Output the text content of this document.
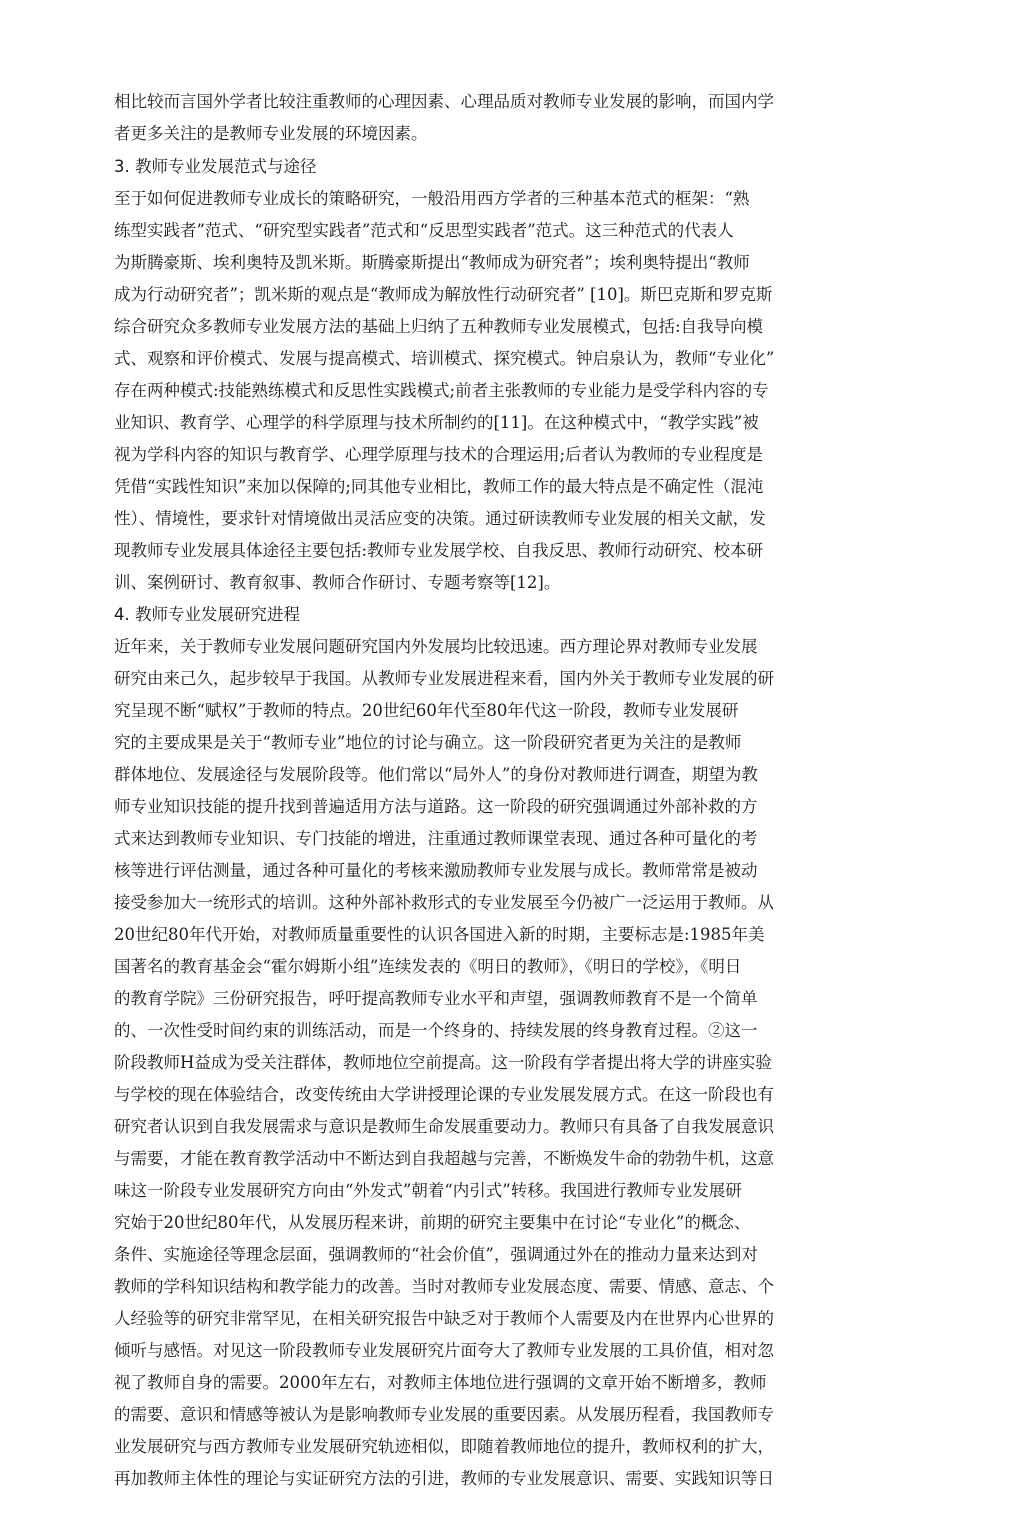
相比较而言国外学者比较注重教师的心理因素、心理品质对教师专业发展的影响，而国内学
者更多关注的是教师专业发展的环境因素。
3. 教师专业发展范式与途径
至于如何促进教师专业成长的策略研究，一般沿用西方学者的三种基本范式的框架：“熟
练型实践者”范式、“研究型实践者”范式和“反思型实践者”范式。这三种范式的代表人
为斯腾豪斯、埃利奥特及凯米斯。斯腾豪斯提出“教师成为研究者”；埃利奥特提出“教师
成为行动研究者”；凯米斯的观点是“教师成为解放性行动研究者” [10]。斯巴克斯和罗克斯
综合研究众多教师专业发展方法的基础上归纳了五种教师专业发展模式，包括:自我导向模
式、观察和评价模式、发展与提高模式、培训模式、探究模式。钟启泉认为，教师“专业化”
存在两种模式:技能熟练模式和反思性实践模式;前者主张教师的专业能力是受学科内容的专
业知识、教育学、心理学的科学原理与技术所制约的[11]。在这种模式中，“教学实践”被
视为学科内容的知识与教育学、心理学原理与技术的合理运用;后者认为教师的专业程度是
凭借“实践性知识”来加以保障的;同其他专业相比，教师工作的最大特点是不确定性（混沌
性）、情境性，要求针对情境做出灵活应变的决策。通过研读教师专业发展的相关文献，发
现教师专业发展具体途径主要包括:教师专业发展学校、自我反思、教师行动研究、校本研
训、案例研讨、教育叙事、教师合作研讨、专题考察等[12]。
4. 教师专业发展研究进程
近年来，关于教师专业发展问题研究国内外发展均比较迅速。西方理论界对教师专业发展
研究由来己久，起步较早于我国。从教师专业发展进程来看，国内外关于教师专业发展的研
究呈现不断“赋权”于教师的特点。20世纪60年代至80年代这一阶段，教师专业发展研
究的主要成果是关于“教师专业”地位的讨论与确立。这一阶段研究者更为关注的是教师
群体地位、发展途径与发展阶段等。他们常以“局外人”的身份对教师进行调查，期望为教
师专业知识技能的提升找到普遍适用方法与道路。这一阶段的研究强调通过外部补救的方
式来达到教师专业知识、专门技能的增进，注重通过教师课堂表现、通过各种可量化的考
核等进行评估测量，通过各种可量化的考核来激励教师专业发展与成长。教师常常是被动
接受参加大一统形式的培训。这种外部补救形式的专业发展至今仍被广一泛运用于教师。从
20世纪80年代开始，对教师质量重要性的认识各国进入新的时期，主要标志是:1985年美
国著名的教育基金会“霍尔姆斯小组”连续发表的《明日的教师》，《明日的学校》，《明日
的教育学院》三份研究报告，呼吁提高教师专业水平和声望，强调教师教育不是一个简单
的、一次性受时间约束的训练活动，而是一个终身的、持续发展的终身教育过程。②这一
阶段教师H益成为受关注群体，教师地位空前提高。这一阶段有学者提出将大学的讲座实验
与学校的现在体验结合，改变传统由大学讲授理论课的专业发展发展方式。在这一阶段也有
研究者认识到自我发展需求与意识是教师生命发展重要动力。教师只有具备了自我发展意识
与需要，才能在教育教学活动中不断达到自我超越与完善，不断焕发牛命的勃勃牛机，这意
味这一阶段专业发展研究方向由“外发式”朝着“内引式”转移。我国进行教师专业发展研
究始于20世纪80年代，从发展历程来讲，前期的研究主要集中在讨论“专业化”的概念、
条件、实施途径等理念层面，强调教师的“社会价值”，强调通过外在的推动力量来达到对
教师的学科知识结构和教学能力的改善。当时对教师专业发展态度、需要、情感、意志、个
人经验等的研究非常罕见，在相关研究报告中缺乏对于教师个人需要及内在世界内心世界的
倾听与感悟。对见这一阶段教师专业发展研究片面夸大了教师专业发展的工具价值，相对忽
视了教师自身的需要。2000年左右，对教师主体地位进行强调的文章开始不断增多，教师
的需要、意识和情感等被认为是影响教师专业发展的重要因素。从发展历程看，我国教师专
业发展研究与西方教师专业发展研究轨迹相似，即随着教师地位的提升，教师权利的扩大，
再加教师主体性的理论与实证研究方法的引进，教师的专业发展意识、需要、实践知识等日
